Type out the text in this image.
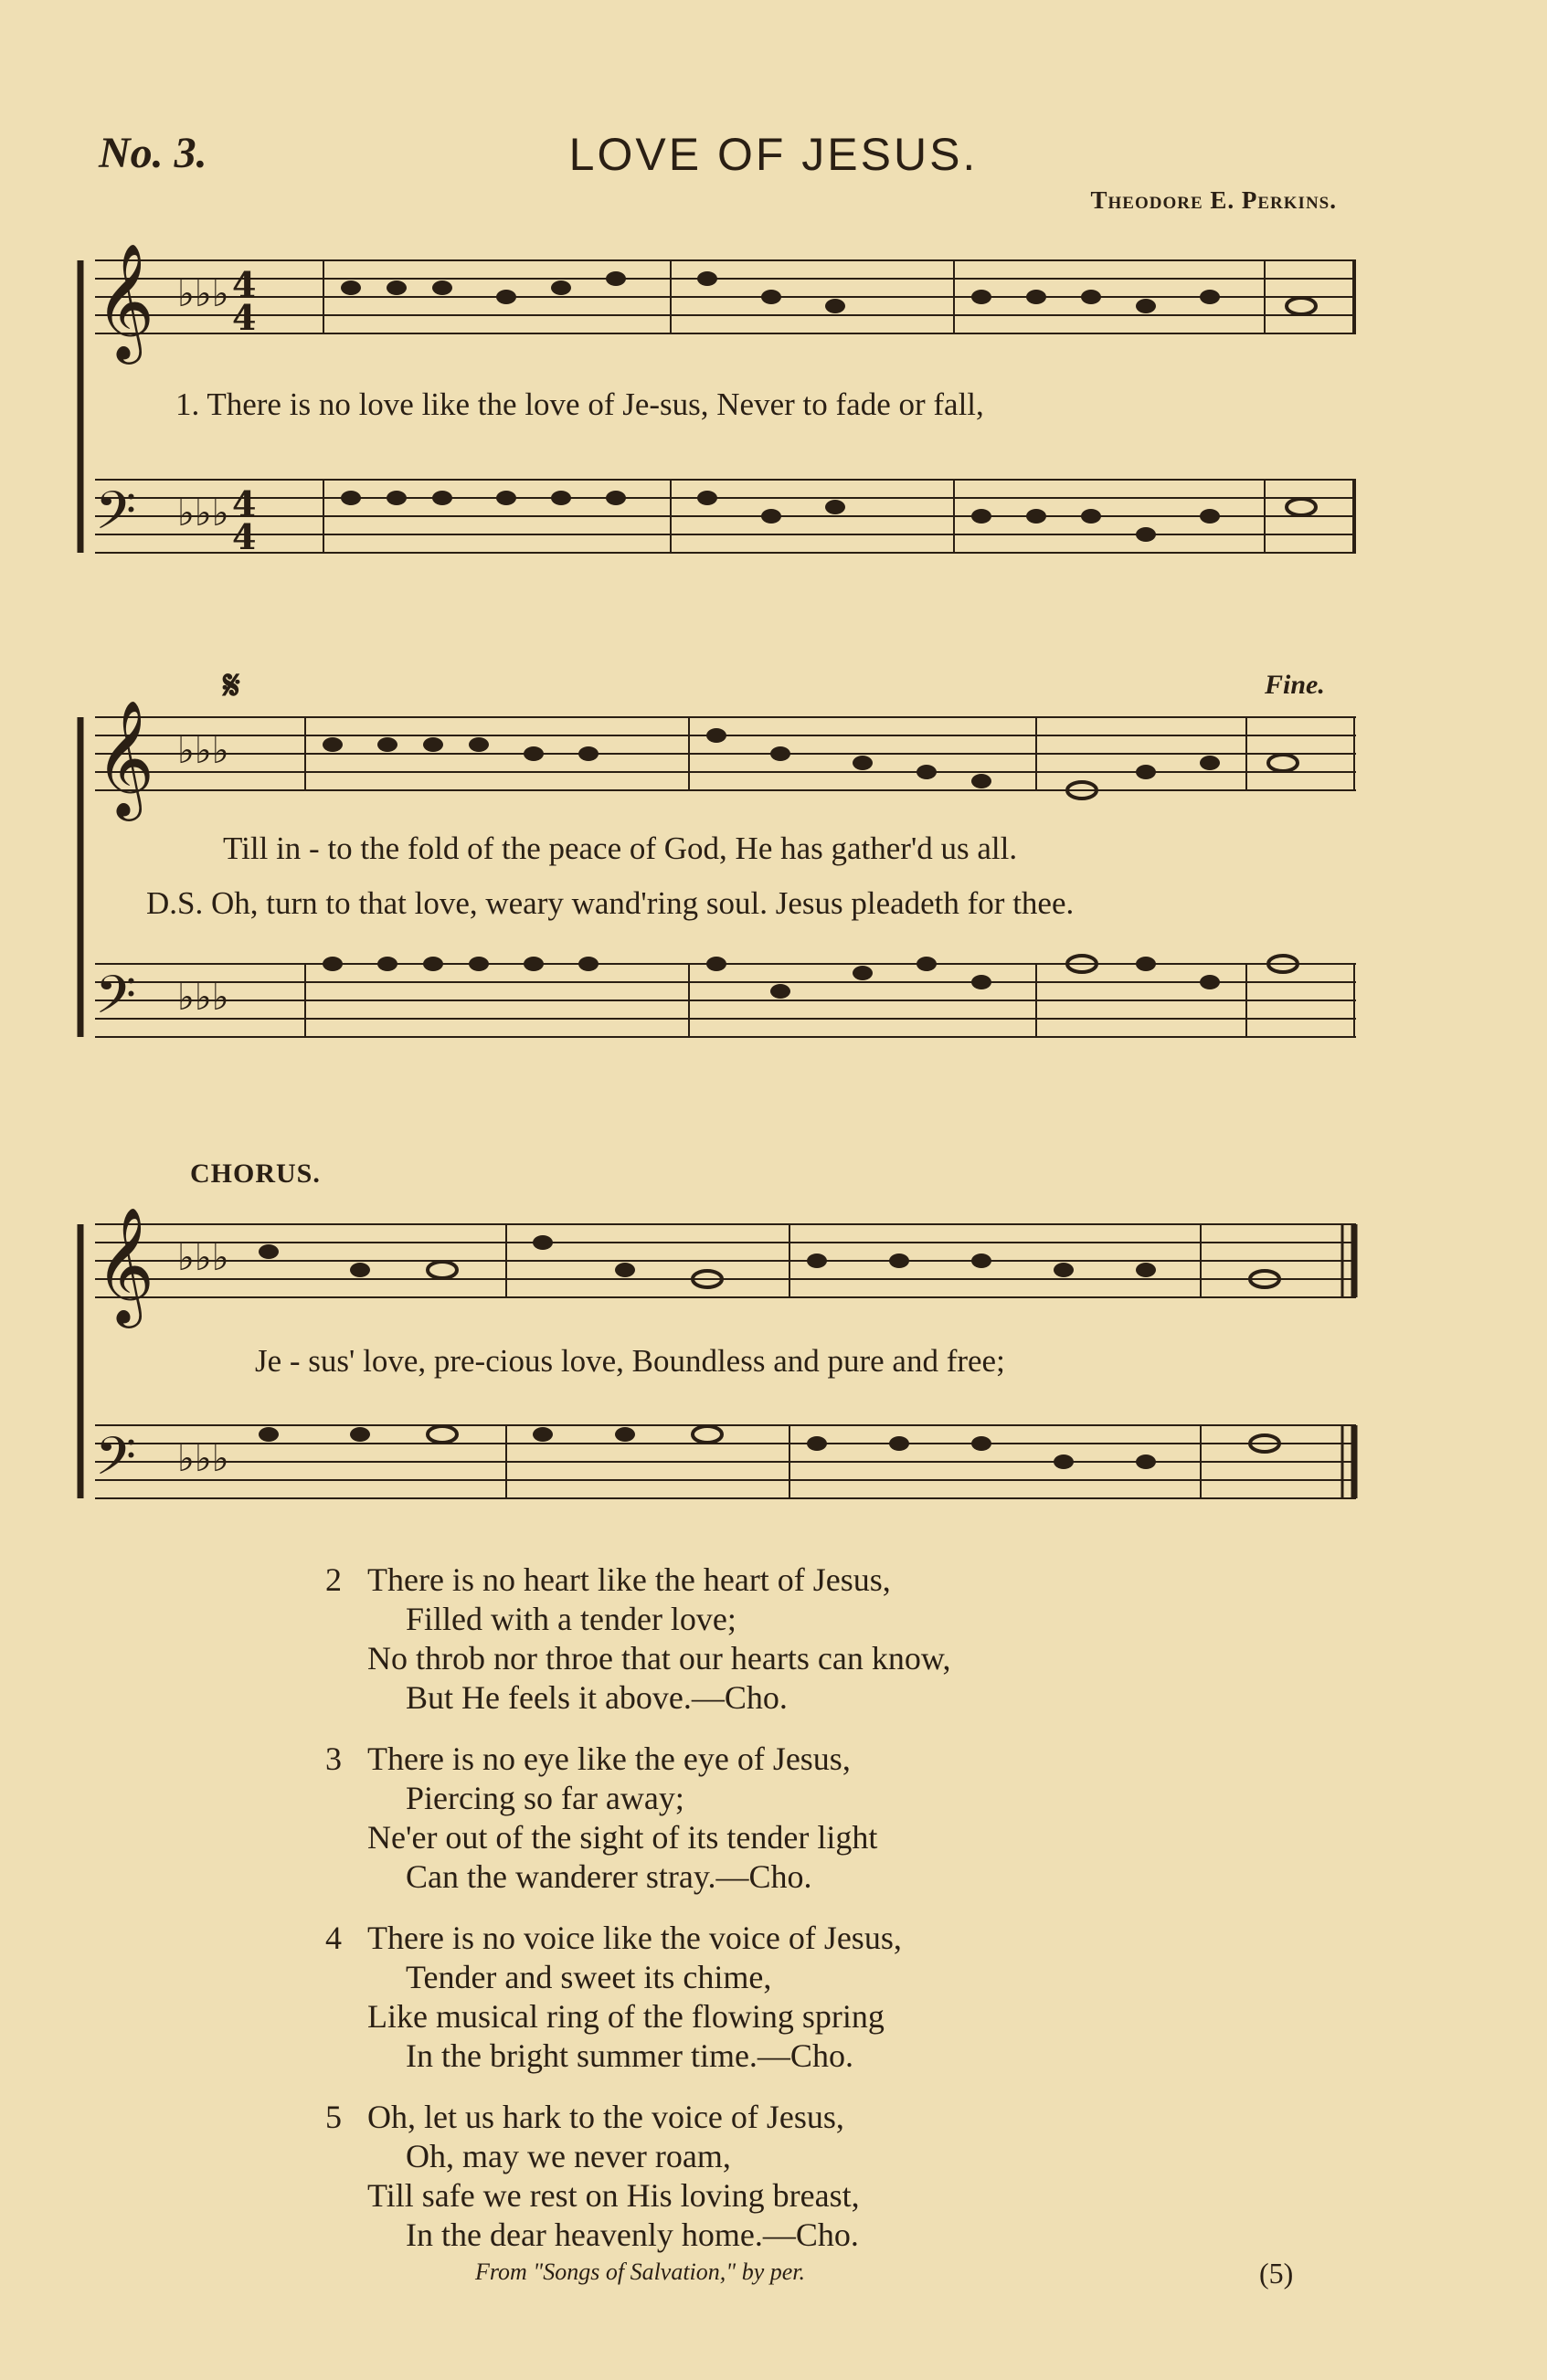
No. 3.	LOVE OF JESUS.
Theodore E. Perkins.
𝄞
𝄢
♭♭♭
♭♭♭
4
4
4
4
1. There is no love like the love of Je-sus, Never to fade or fall,
𝄋	Fine.
𝄞
𝄢
♭♭♭
♭♭♭
Till in - to the fold of the peace of God, He has gather'd us all.
D.S. Oh, turn to that love, weary wand'ring soul. Jesus pleadeth for thee.
CHORUS.
𝄞
𝄢
♭♭♭
♭♭♭
Je - sus' love, pre-cious love, Boundless and pure and free;
2 There is no heart like the heart of Jesus,
Filled with a tender love;
No throb nor throe that our hearts can know,
But He feels it above.—Cho.
3 There is no eye like the eye of Jesus,
Piercing so far away;
Ne'er out of the sight of its tender light
Can the wanderer stray.—Cho.
4 There is no voice like the voice of Jesus,
Tender and sweet its chime,
Like musical ring of the flowing spring
In the bright summer time.—Cho.
5 Oh, let us hark to the voice of Jesus,
Oh, may we never roam,
Till safe we rest on His loving breast,
In the dear heavenly home.—Cho.
From "Songs of Salvation," by per.	(5)
